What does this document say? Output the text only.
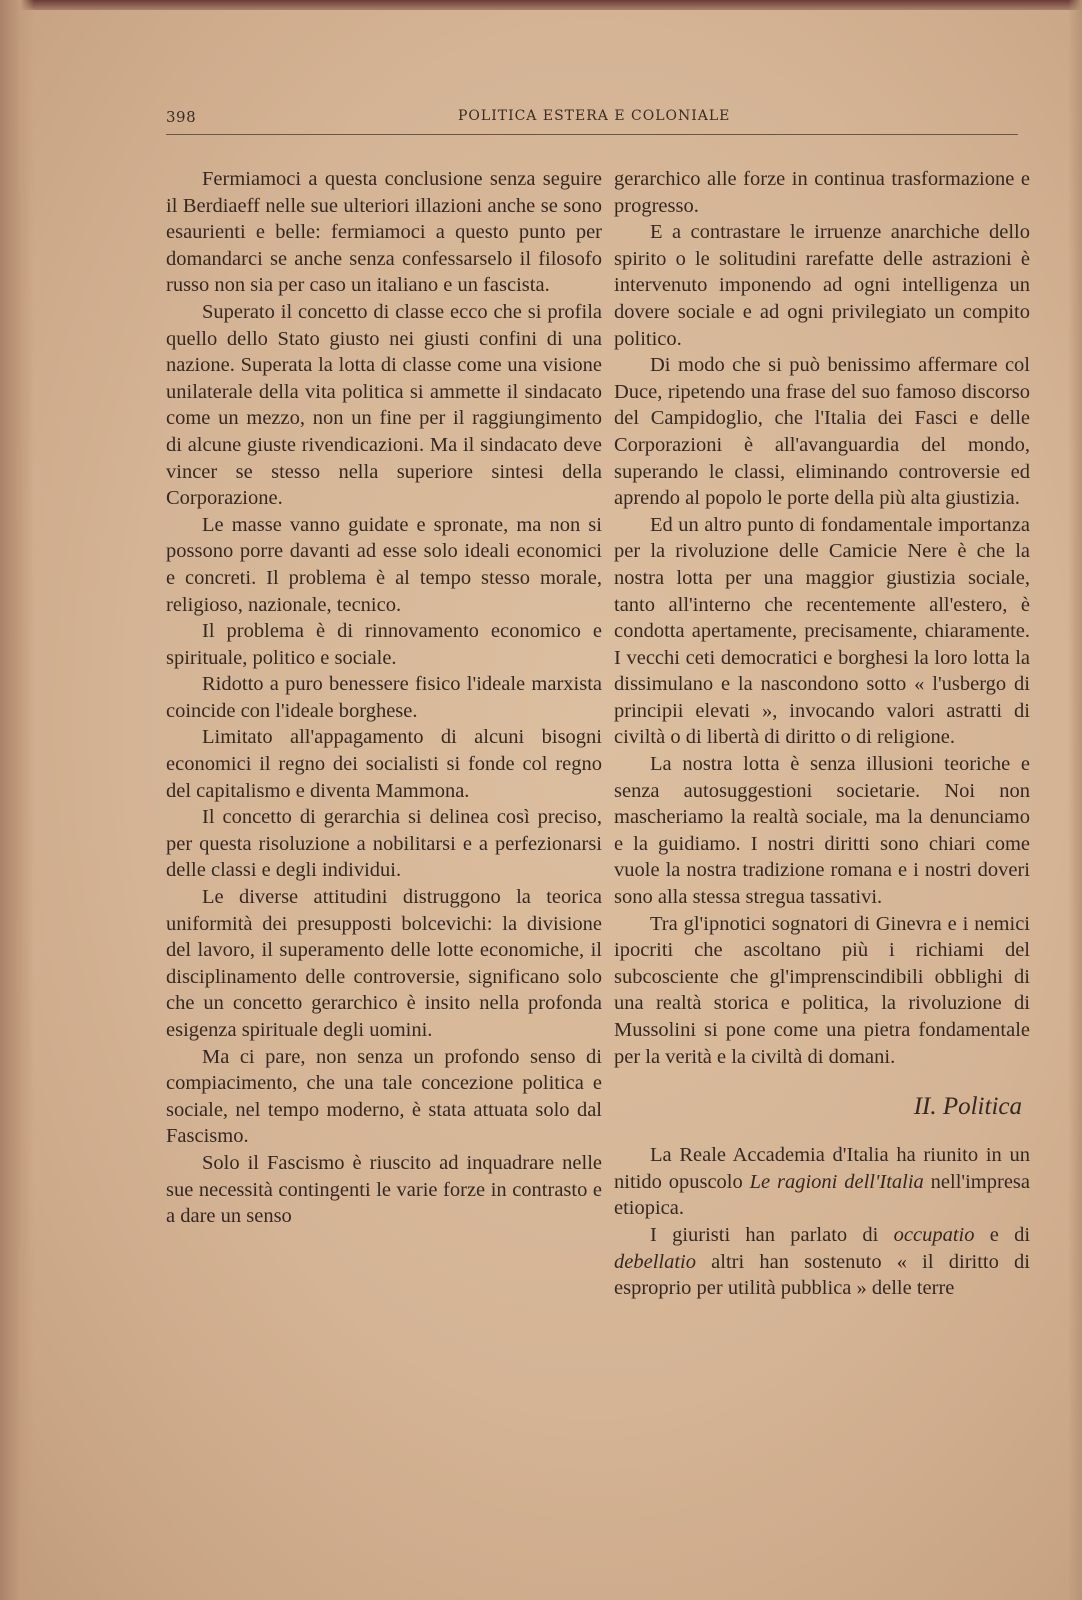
398	POLITICA ESTERA E COLONIALE

Fermiamoci a questa conclusione senza seguire il Berdiaeff nelle sue ulteriori illazioni anche se sono esaurienti e belle: fermiamoci a questo punto per domandarci se anche senza confessarselo il filosofo russo non sia per caso un italiano e un fascista.

Superato il concetto di classe ecco che si profila quello dello Stato giusto nei giusti confini di una nazione. Superata la lotta di classe come una visione unilaterale della vita politica si ammette il sindacato come un mezzo, non un fine per il raggiungimento di alcune giuste rivendicazioni. Ma il sindacato deve vincer se stesso nella superiore sintesi della Corporazione.

Le masse vanno guidate e spronate, ma non si possono porre davanti ad esse solo ideali economici e concreti. Il problema è al tempo stesso morale, religioso, nazionale, tecnico.

Il problema è di rinnovamento economico e spirituale, politico e sociale.

Ridotto a puro benessere fisico l'ideale marxista coincide con l'ideale borghese.

Limitato all'appagamento di alcuni bisogni economici il regno dei socialisti si fonde col regno del capitalismo e diventa Mammona.

Il concetto di gerarchia si delinea così preciso, per questa risoluzione a nobilitarsi e a perfezionarsi delle classi e degli individui.

Le diverse attitudini distruggono la teorica uniformità dei presupposti bolcevichi: la divisione del lavoro, il superamento delle lotte economiche, il disciplinamento delle controversie, significano solo che un concetto gerarchico è insito nella profonda esigenza spirituale degli uomini.

Ma ci pare, non senza un profondo senso di compiacimento, che una tale concezione politica e sociale, nel tempo moderno, è stata attuata solo dal Fascismo.

Solo il Fascismo è riuscito ad inquadrare nelle sue necessità contingenti le varie forze in contrasto e a dare un senso

gerarchico alle forze in continua trasformazione e progresso.

E a contrastare le irruenze anarchiche dello spirito o le solitudini rarefatte delle astrazioni è intervenuto imponendo ad ogni intelligenza un dovere sociale e ad ogni privilegiato un compito politico.

Di modo che si può benissimo affermare col Duce, ripetendo una frase del suo famoso discorso del Campidoglio, che l'Italia dei Fasci e delle Corporazioni è all'avanguardia del mondo, superando le classi, eliminando controversie ed aprendo al popolo le porte della più alta giustizia.

Ed un altro punto di fondamentale importanza per la rivoluzione delle Camicie Nere è che la nostra lotta per una maggior giustizia sociale, tanto all'interno che recentemente all'estero, è condotta apertamente, precisamente, chiaramente. I vecchi ceti democratici e borghesi la loro lotta la dissimulano e la nascondono sotto « l'usbergo di principii elevati », invocando valori astratti di civiltà o di libertà di diritto o di religione.

La nostra lotta è senza illusioni teoriche e senza autosuggestioni societarie. Noi non mascheriamo la realtà sociale, ma la denunciamo e la guidiamo. I nostri diritti sono chiari come vuole la nostra tradizione romana e i nostri doveri sono alla stessa stregua tassativi.

Tra gl'ipnotici sognatori di Ginevra e i nemici ipocriti che ascoltano più i richiami del subcosciente che gl'imprenscindibili obblighi di una realtà storica e politica, la rivoluzione di Mussolini si pone come una pietra fondamentale per la verità e la civiltà di domani.

II. Politica

La Reale Accademia d'Italia ha riunito in un nitido opuscolo Le ragioni dell'Italia nell'impresa etiopica.

I giuristi han parlato di occupatio e di debellatio altri han sostenuto « il diritto di esproprio per utilità pubblica » delle terre
